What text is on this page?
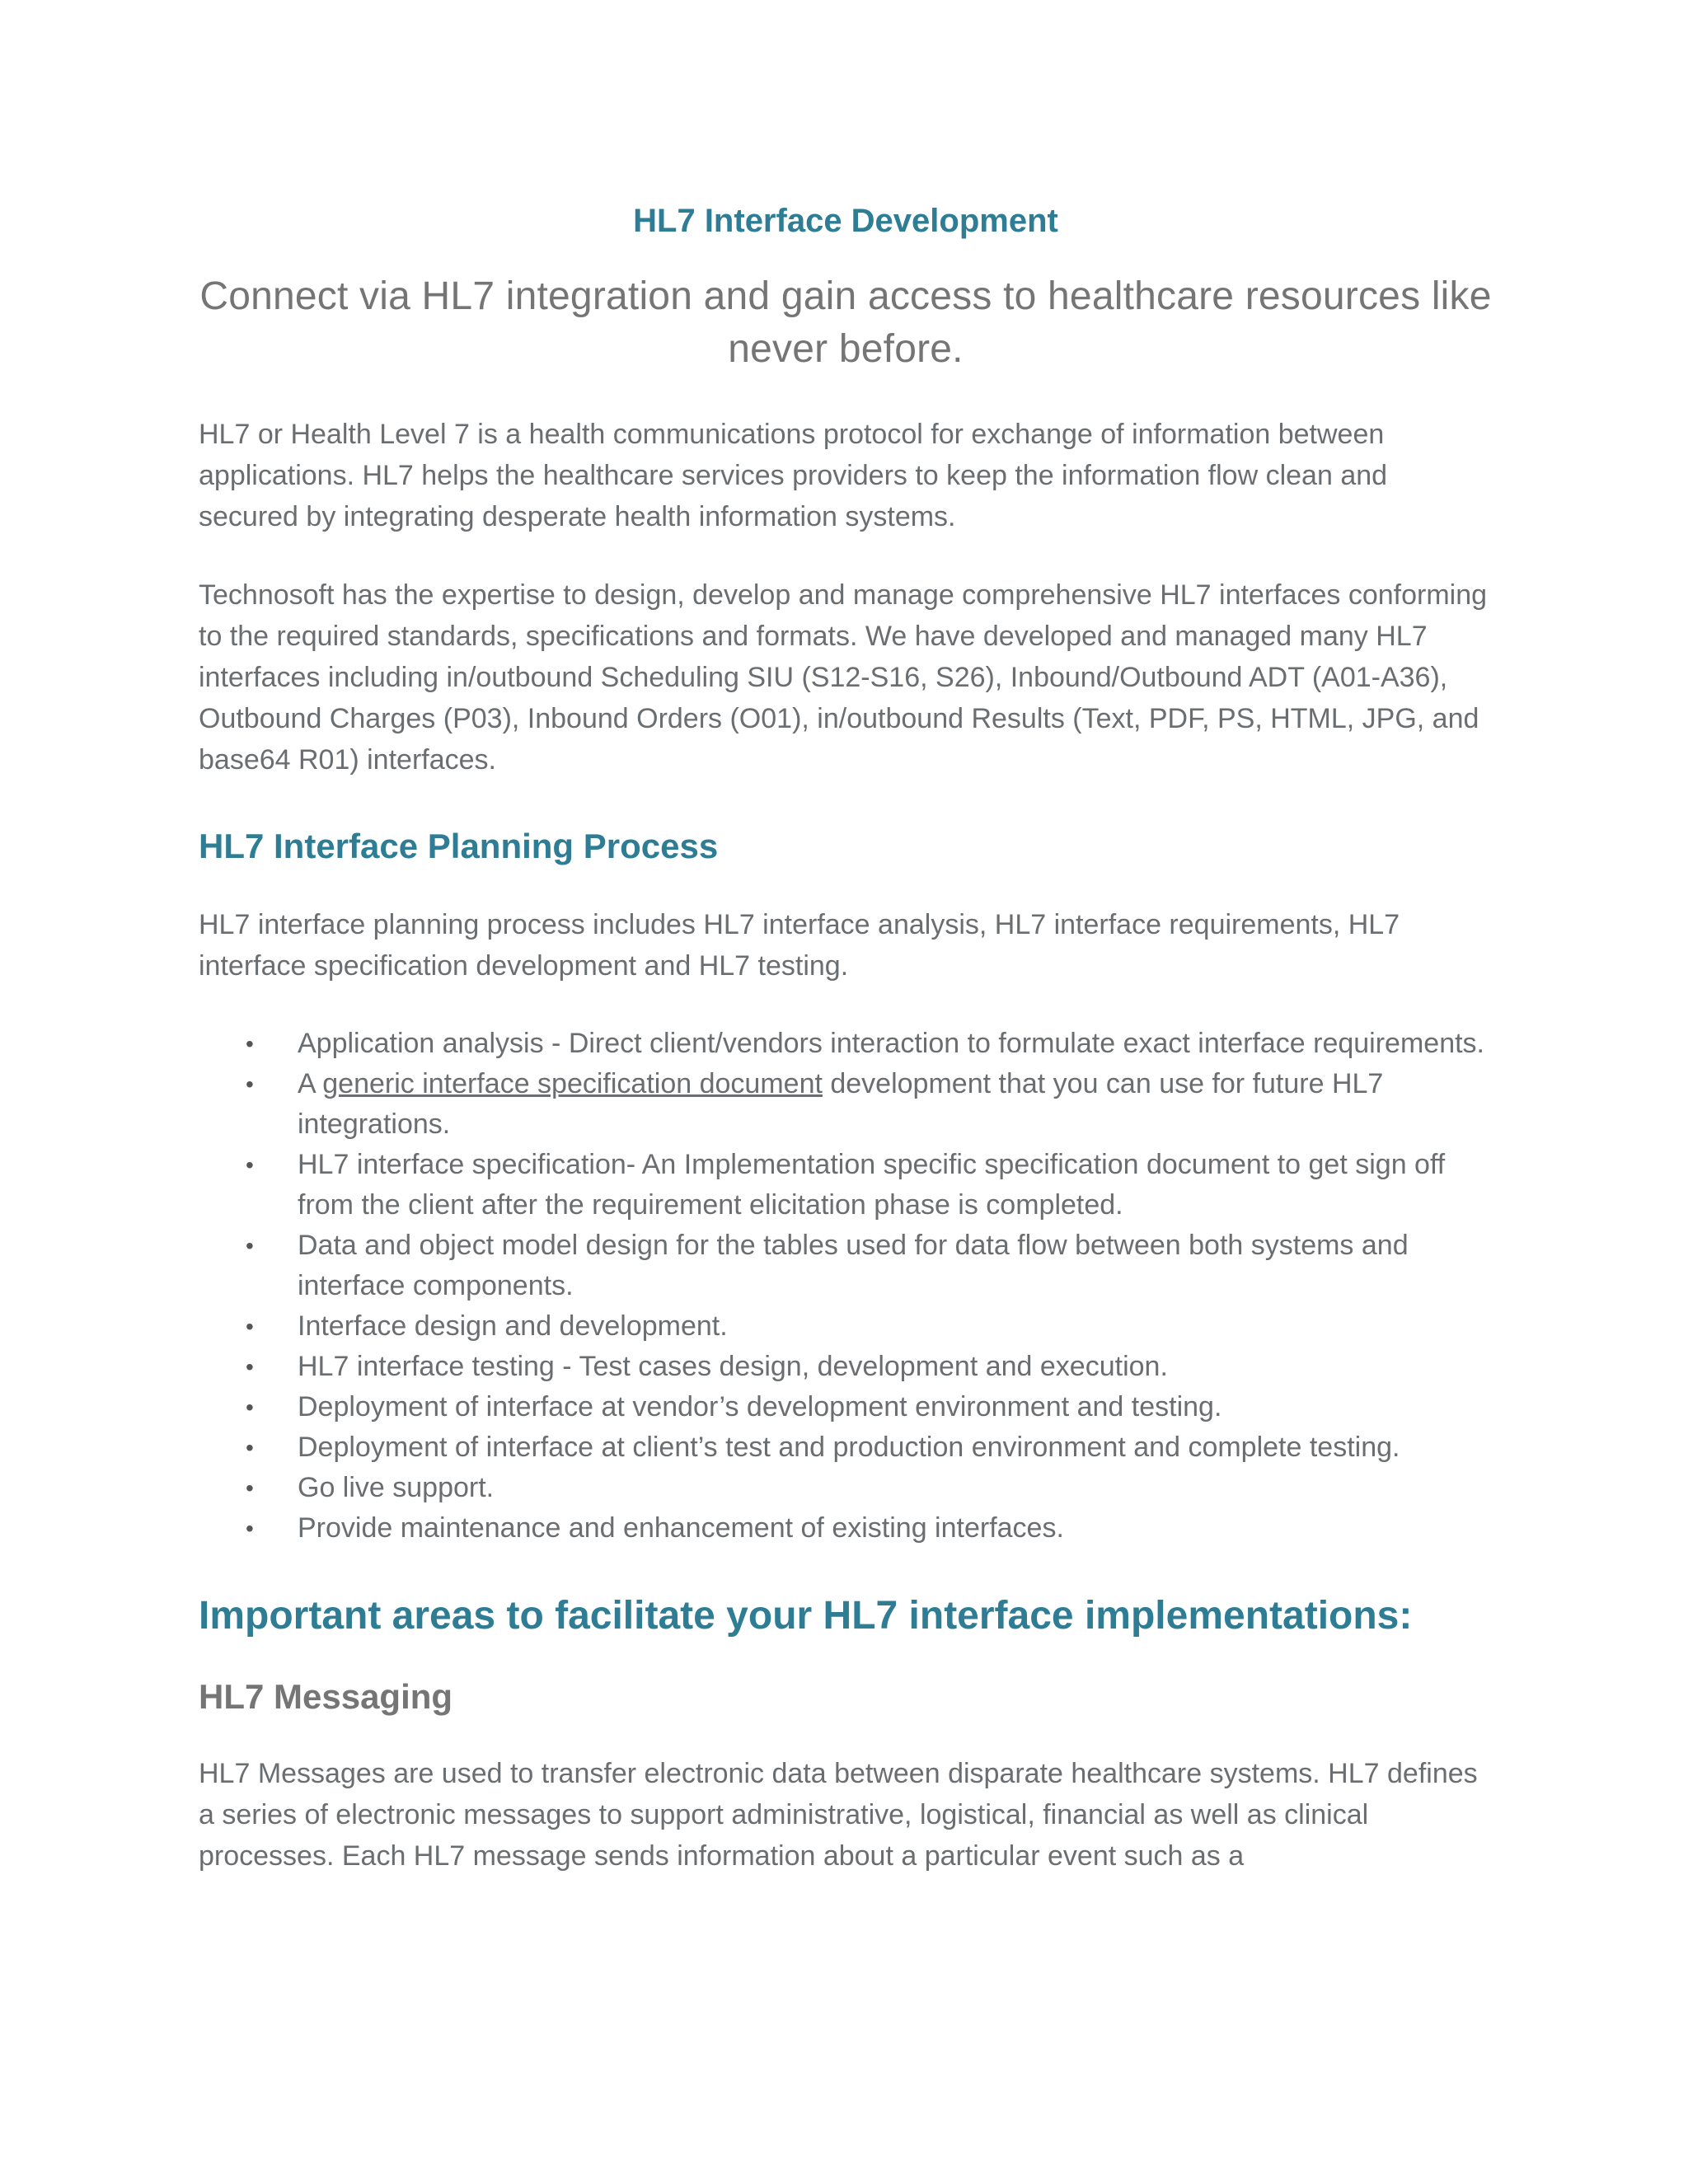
HL7 Interface Development
Connect via HL7 integration and gain access to healthcare resources like never before.

HL7 or Health Level 7 is a health communications protocol for exchange of information between applications. HL7 helps the healthcare services providers to keep the information flow clean and secured by integrating desperate health information systems.

Technosoft has the expertise to design, develop and manage comprehensive HL7 interfaces conforming to the required standards, specifications and formats. We have developed and managed many HL7 interfaces including in/outbound Scheduling SIU (S12-S16, S26), Inbound/Outbound ADT (A01-A36), Outbound Charges (P03), Inbound Orders (O01), in/outbound Results (Text, PDF, PS, HTML, JPG, and base64 R01) interfaces.

HL7 Interface Planning Process

HL7 interface planning process includes HL7 interface analysis, HL7 interface requirements, HL7 interface specification development and HL7 testing.

• Application analysis - Direct client/vendors interaction to formulate exact interface requirements.
• A generic interface specification document development that you can use for future HL7 integrations.
• HL7 interface specification- An Implementation specific specification document to get sign off from the client after the requirement elicitation phase is completed.
• Data and object model design for the tables used for data flow between both systems and interface components.
• Interface design and development.
• HL7 interface testing - Test cases design, development and execution.
• Deployment of interface at vendor’s development environment and testing.
• Deployment of interface at client’s test and production environment and complete testing.
• Go live support.
• Provide maintenance and enhancement of existing interfaces.
Important areas to facilitate your HL7 interface implementations:
HL7 Messaging

HL7 Messages are used to transfer electronic data between disparate healthcare systems. HL7 defines a series of electronic messages to support administrative, logistical, financial as well as clinical processes. Each HL7 message sends information about a particular event such as a
